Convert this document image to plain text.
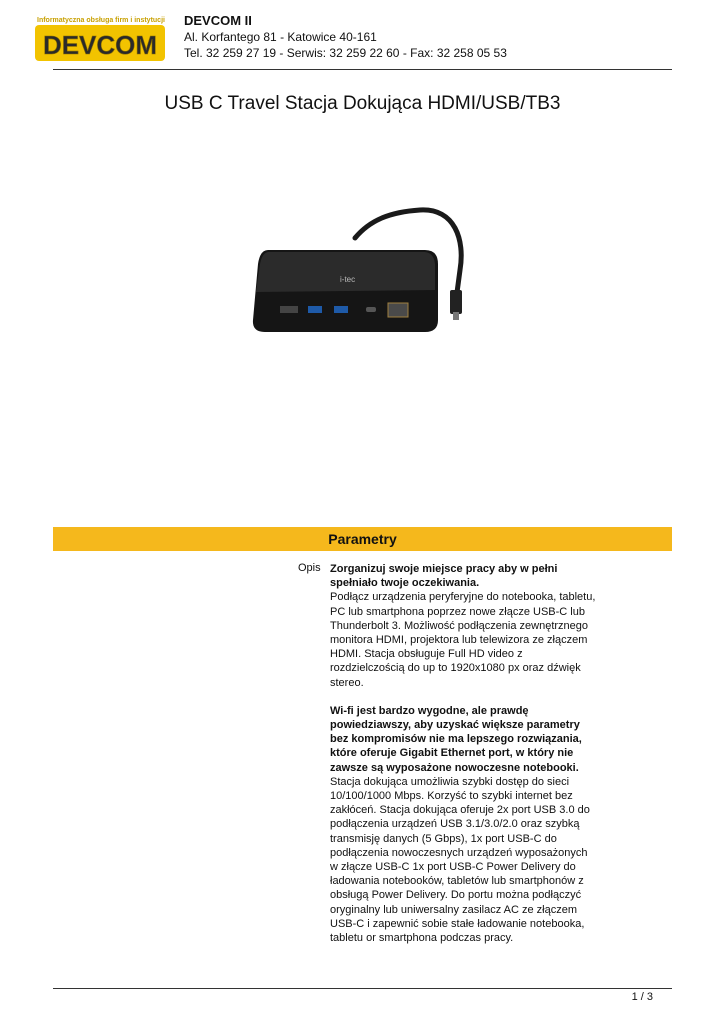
Informatyczna obsługa firm i instytucji
DEVCOM
DEVCOM II
Al. Korfantego 81 - Katowice 40-161
Tel. 32 259 27 19 - Serwis: 32 259 22 60 - Fax: 32 258 05 53
USB C Travel Stacja Dokująca HDMI/USB/TB3
i-tec
Parametry
Opis Zorganizuj swoje miejsce pracy aby w pełni spełniało twoje oczekiwania.
Podłącz urządzenia peryferyjne do notebooka, tabletu, PC lub smartphona poprzez nowe złącze USB-C lub Thunderbolt 3. Możliwość podłączenia zewnętrznego monitora HDMI, projektora lub telewizora ze złączem HDMI. Stacja obsługuje Full HD video z rozdzielczością do up to 1920x1080 px oraz dźwięk stereo.

Wi-fi jest bardzo wygodne, ale prawdę powiedziawszy, aby uzyskać większe parametry bez kompromisów nie ma lepszego rozwiązania, które oferuje Gigabit Ethernet port, w który nie zawsze są wyposażone nowoczesne notebooki.
Stacja dokująca umożliwia szybki dostęp do sieci 10/100/1000 Mbps. Korzyść to szybki internet bez zakłóceń. Stacja dokująca oferuje 2x port USB 3.0 do podłączenia urządzeń USB 3.1/3.0/2.0 oraz szybką transmisję danych (5 Gbps), 1x port USB-C do podłączenia nowoczesnych urządzeń wyposażonych w złącze USB-C 1x port USB-C Power Delivery do ładowania notebooków, tabletów lub smartphonów z obsługą Power Delivery. Do portu można podłączyć oryginalny lub uniwersalny zasilacz AC ze złączem USB-C i zapewnić sobie stałe ładowanie notebooka, tabletu or smartphona podczas pracy.

1 / 3
